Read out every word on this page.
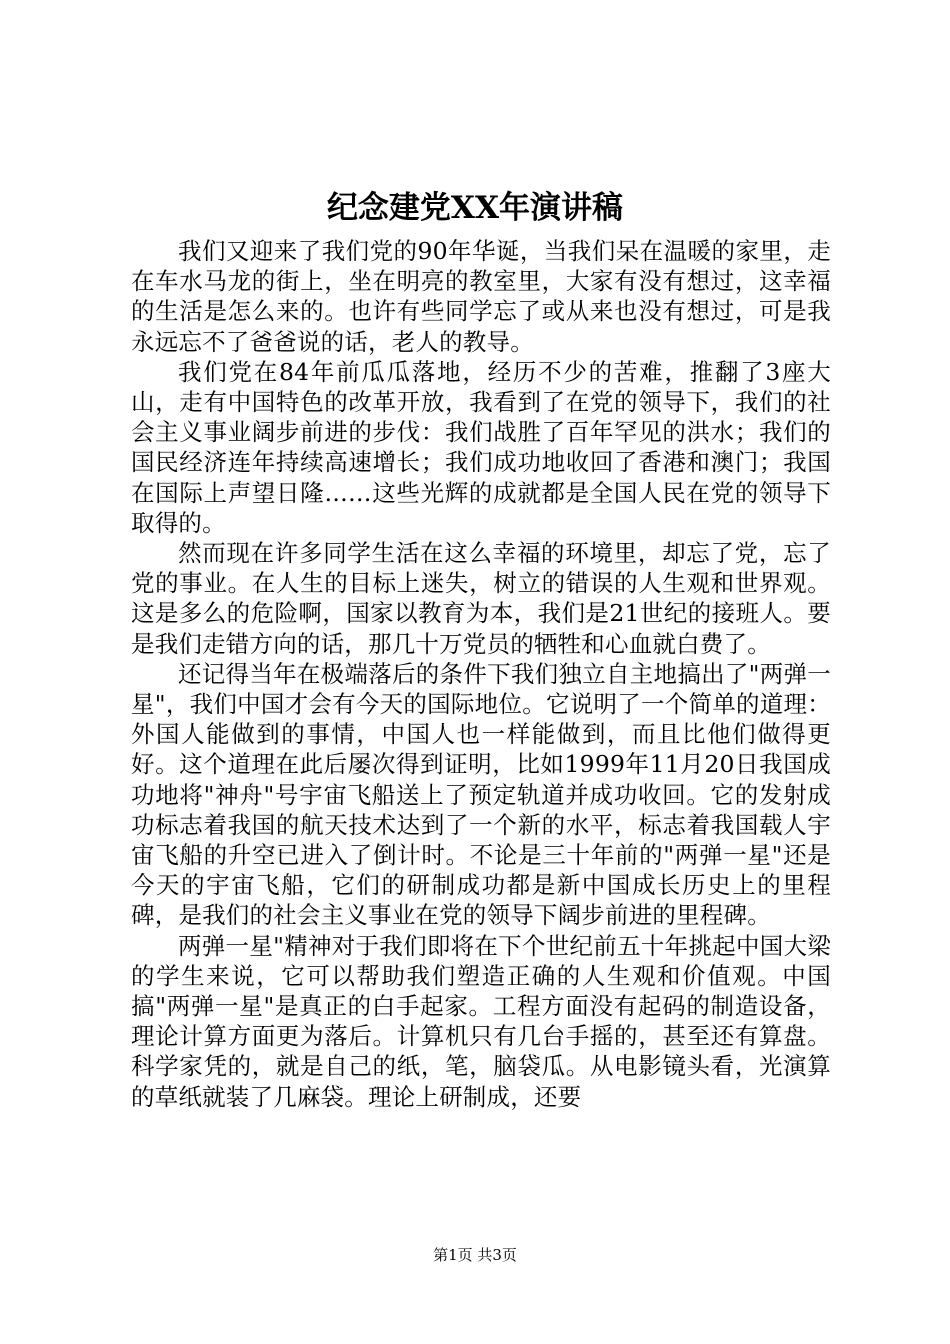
纪念建党XX年演讲稿

我们又迎来了我们党的90年华诞，当我们呆在温暖的家里，走在车水马龙的街上，坐在明亮的教室里，大家有没有想过，这幸福的生活是怎么来的。也许有些同学忘了或从来也没有想过，可是我永远忘不了爸爸说的话，老人的教导。

我们党在84年前瓜瓜落地，经历不少的苦难，推翻了3座大山，走有中国特色的改革开放，我看到了在党的领导下，我们的社会主义事业阔步前进的步伐：我们战胜了百年罕见的洪水；我们的国民经济连年持续高速增长；我们成功地收回了香港和澳门；我国在国际上声望日隆……这些光辉的成就都是全国人民在党的领导下取得的。

然而现在许多同学生活在这么幸福的环境里，却忘了党，忘了党的事业。在人生的目标上迷失，树立的错误的人生观和世界观。这是多么的危险啊，国家以教育为本，我们是21世纪的接班人。要是我们走错方向的话，那几十万党员的牺牲和心血就白费了。

还记得当年在极端落后的条件下我们独立自主地搞出了"两弹一星"，我们中国才会有今天的国际地位。它说明了一个简单的道理：外国人能做到的事情，中国人也一样能做到，而且比他们做得更好。这个道理在此后屡次得到证明，比如1999年11月20日我国成功地将"神舟"号宇宙飞船送上了预定轨道并成功收回。它的发射成功标志着我国的航天技术达到了一个新的水平，标志着我国载人宇宙飞船的升空已进入了倒计时。不论是三十年前的"两弹一星"还是今天的宇宙飞船，它们的研制成功都是新中国成长历史上的里程碑，是我们的社会主义事业在党的领导下阔步前进的里程碑。

两弹一星"精神对于我们即将在下个世纪前五十年挑起中国大梁的学生来说，它可以帮助我们塑造正确的人生观和价值观。中国搞"两弹一星"是真正的白手起家。工程方面没有起码的制造设备，理论计算方面更为落后。计算机只有几台手摇的，甚至还有算盘。科学家凭的，就是自己的纸，笔，脑袋瓜。从电影镜头看，光演算的草纸就装了几麻袋。理论上研制成，还要

第1页 共3页
